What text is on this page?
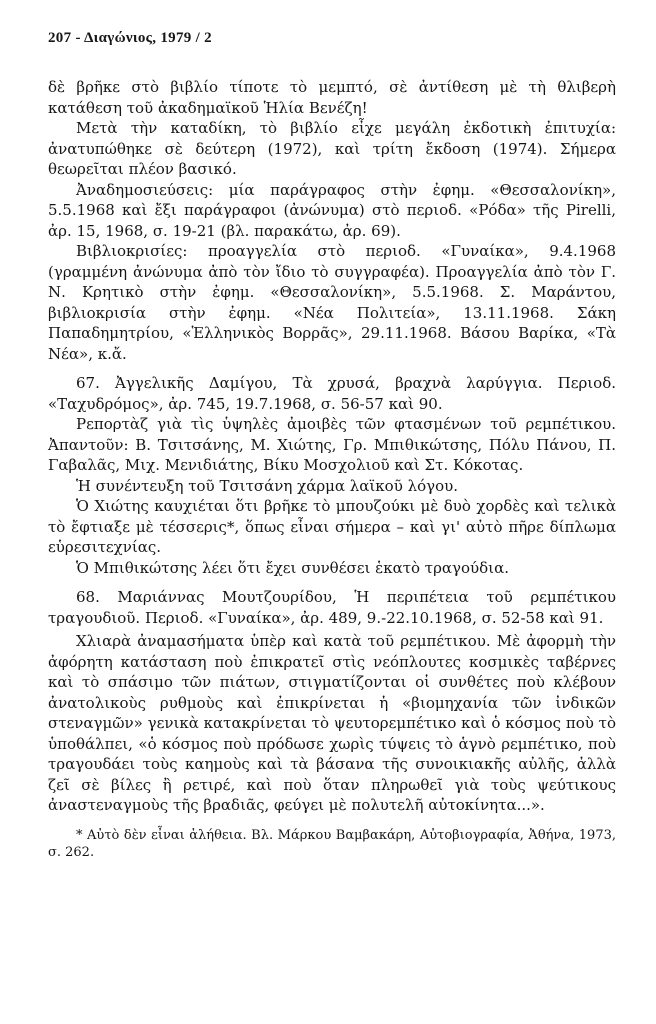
207 - Διαγώνιος, 1979 / 2

δὲ βρῆκε στὸ βιβλίο τίποτε τὸ μεμπτό, σὲ ἀντίθεση μὲ τὴ θλιβερὴ κατάθεση τοῦ ἀκαδημαϊκοῦ Ἡλία Βενέζη!

Μετὰ τὴν καταδίκη, τὸ βιβλίο εἶχε μεγάλη ἐκδοτικὴ ἐπιτυχία: ἀνατυπώθηκε σὲ δεύτερη (1972), καὶ τρίτη ἔκδοση (1974). Σήμερα θεωρεῖται πλέον βασικό.

Ἀναδημοσιεύσεις: μία παράγραφος στὴν ἐφημ. «Θεσσαλονίκη», 5.5.1968 καὶ ἔξι παράγραφοι (ἀνώνυμα) στὸ περιοδ. «Ρόδα» τῆς Pirelli, ἀρ. 15, 1968, σ. 19-21 (βλ. παρακάτω, ἀρ. 69).

Βιβλιοκρισίες: προαγγελία στὸ περιοδ. «Γυναίκα», 9.4.1968 (γραμμένη ἀνώνυμα ἀπὸ τὸν ἴδιο τὸ συγγραφέα). Προαγγελία ἀπὸ τὸν Γ. Ν. Κρητικὸ στὴν ἐφημ. «Θεσσαλονίκη», 5.5.1968. Σ. Μαράντου, βιβλιοκρισία στὴν ἐφημ. «Νέα Πολιτεία», 13.11.1968. Σάκη Παπαδημητρίου, «Ἑλληνικὸς Βορρᾶς», 29.11.1968. Βάσου Βαρίκα, «Τὰ Νέα», κ.ἄ.

67. Ἀγγελικῆς Δαμίγου, Τὰ χρυσά, βραχνὰ λαρύγγια. Περιοδ. «Ταχυδρόμος», ἀρ. 745, 19.7.1968, σ. 56-57 καὶ 90.

Ρεπορτὰζ γιὰ τὶς ὑψηλὲς ἀμοιβὲς τῶν φτασμένων τοῦ ρεμπέτικου. Ἀπαντοῦν: Β. Τσιτσάνης, Μ. Χιώτης, Γρ. Μπιθικώτσης, Πόλυ Πάνου, Π. Γαβαλᾶς, Μιχ. Μενιδιάτης, Βίκυ Μοσχολιοῦ καὶ Στ. Κόκοτας.

Ἡ συνέντευξη τοῦ Τσιτσάνη χάρμα λαϊκοῦ λόγου.

Ὁ Χιώτης καυχιέται ὅτι βρῆκε τὸ μπουζούκι μὲ δυὸ χορδὲς καὶ τελικὰ τὸ ἔφτιαξε μὲ τέσσερις*, ὅπως εἶναι σήμερα – καὶ γι' αὐτὸ πῆρε δίπλωμα εὑρεσιτεχνίας.

Ὁ Μπιθικώτσης λέει ὅτι ἔχει συνθέσει ἑκατὸ τραγούδια.

68. Μαριάννας Μουτζουρίδου, Ἡ περιπέτεια τοῦ ρεμπέτικου τραγουδιοῦ. Περιοδ. «Γυναίκα», ἀρ. 489, 9.-22.10.1968, σ. 52-58 καὶ 91.

Χλιαρὰ ἀναμασήματα ὑπὲρ καὶ κατὰ τοῦ ρεμπέτικου. Μὲ ἀφορμὴ τὴν ἀφόρητη κατάσταση ποὺ ἐπικρατεῖ στὶς νεόπλουτες κοσμικὲς ταβέρνες καὶ τὸ σπάσιμο τῶν πιάτων, στιγματίζονται οἱ συνθέτες ποὺ κλέβουν ἀνατολικοὺς ρυθμοὺς καὶ ἐπικρίνεται ἡ «βιομηχανία τῶν ἰνδικῶν στεναγμῶν» γενικὰ κατακρίνεται τὸ ψευτορεμπέτικο καὶ ὁ κόσμος ποὺ τὸ ὑποθάλπει, «ὁ κόσμος ποὺ πρόδωσε χωρὶς τύψεις τὸ ἁγνὸ ρεμπέτικο, ποὺ τραγουδάει τοὺς καημοὺς καὶ τὰ βάσανα τῆς συνοικιακῆς αὐλῆς, ἀλλὰ ζεῖ σὲ βίλες ἢ ρετιρέ, καὶ ποὺ ὅταν πληρωθεῖ γιὰ τοὺς ψεύτικους ἀναστεναγμοὺς τῆς βραδιᾶς, φεύγει μὲ πολυτελῆ αὐτοκίνητα...».

* Αὐτὸ δὲν εἶναι ἀλήθεια. Βλ. Μάρκου Βαμβακάρη, Αὐτοβιογραφία, Ἀθήνα, 1973, σ. 262.
